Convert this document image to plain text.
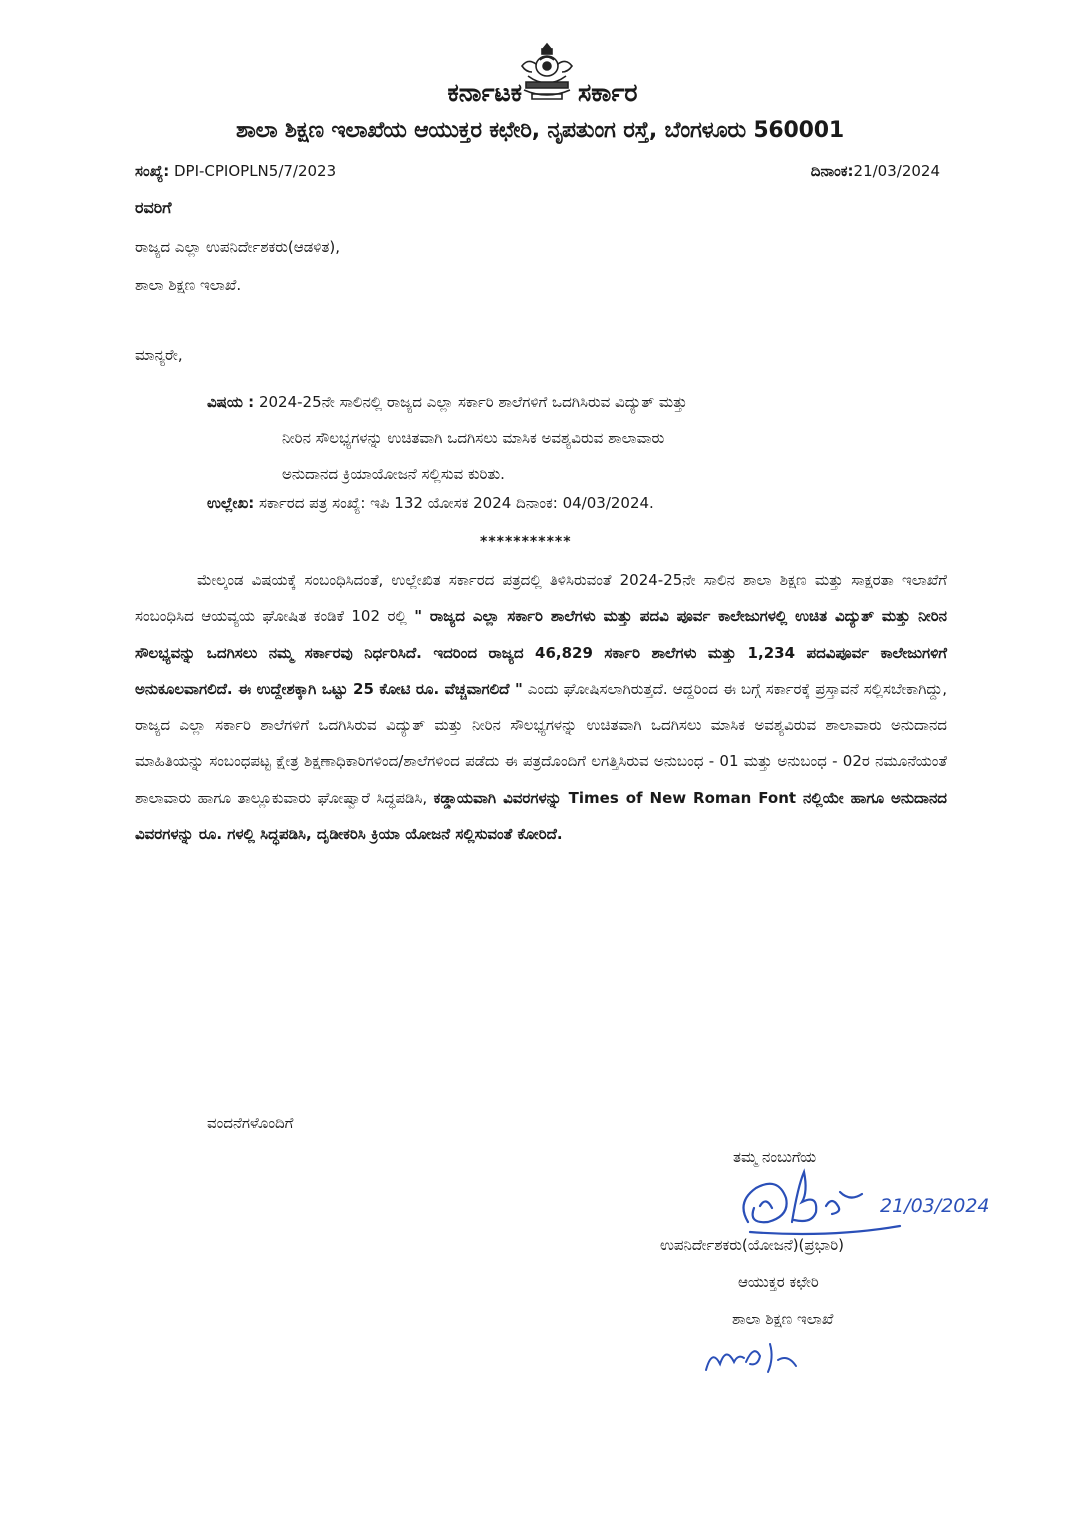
ಕರ್ನಾಟಕ ಸರ್ಕಾರ
ಶಾಲಾ ಶಿಕ್ಷಣ ಇಲಾಖೆಯ ಆಯುಕ್ತರ ಕಛೇರಿ, ನೃಪತುಂಗ ರಸ್ತೆ, ಬೆಂಗಳೂರು 560001
ಸಂಖ್ಯೆ: DPI-CPIOPLN5/7/2023	ದಿನಾಂಕ:21/03/2024
ರವರಿಗೆ
ರಾಜ್ಯದ ಎಲ್ಲಾ ಉಪನಿರ್ದೇಶಕರು(ಆಡಳಿತ),
ಶಾಲಾ ಶಿಕ್ಷಣ ಇಲಾಖೆ.
ಮಾನ್ಯರೇ,
ವಿಷಯ : 2024-25ನೇ ಸಾಲಿನಲ್ಲಿ ರಾಜ್ಯದ ಎಲ್ಲಾ ಸರ್ಕಾರಿ ಶಾಲೆಗಳಿಗೆ ಒದಗಿಸಿರುವ ವಿದ್ಯುತ್ ಮತ್ತು
ನೀರಿನ ಸೌಲಭ್ಯಗಳನ್ನು ಉಚಿತವಾಗಿ ಒದಗಿಸಲು ಮಾಸಿಕ ಅವಶ್ಯವಿರುವ ಶಾಲಾವಾರು
ಅನುದಾನದ ಕ್ರಿಯಾಯೋಜನೆ ಸಲ್ಲಿಸುವ ಕುರಿತು.
ಉಲ್ಲೇಖ: ಸರ್ಕಾರದ ಪತ್ರ ಸಂಖ್ಯೆ: ಇಪಿ 132 ಯೋಸಕ 2024 ದಿನಾಂಕ: 04/03/2024.
***********
ಮೇಲ್ಕಂಡ ವಿಷಯಕ್ಕೆ ಸಂಬಂಧಿಸಿದಂತೆ, ಉಲ್ಲೇಖಿತ ಸರ್ಕಾರದ ಪತ್ರದಲ್ಲಿ ತಿಳಿಸಿರುವಂತೆ 2024-25ನೇ ಸಾಲಿನ ಶಾಲಾ ಶಿಕ್ಷಣ ಮತ್ತು ಸಾಕ್ಷರತಾ ಇಲಾಖೆಗೆ ಸಂಬಂಧಿಸಿದ ಆಯವ್ಯಯ ಘೋಷಿತ ಕಂಡಿಕೆ 102 ರಲ್ಲಿ " ರಾಜ್ಯದ ಎಲ್ಲಾ ಸರ್ಕಾರಿ ಶಾಲೆಗಳು ಮತ್ತು ಪದವಿ ಪೂರ್ವ ಕಾಲೇಜುಗಳಲ್ಲಿ ಉಚಿತ ವಿದ್ಯುತ್ ಮತ್ತು ನೀರಿನ ಸೌಲಭ್ಯವನ್ನು ಒದಗಿಸಲು ನಮ್ಮ ಸರ್ಕಾರವು ನಿರ್ಧರಿಸಿದೆ. ಇದರಿಂದ ರಾಜ್ಯದ 46,829 ಸರ್ಕಾರಿ ಶಾಲೆಗಳು ಮತ್ತು 1,234 ಪದವಿಪೂರ್ವ ಕಾಲೇಜುಗಳಿಗೆ ಅನುಕೂಲವಾಗಲಿದೆ. ಈ ಉದ್ದೇಶಕ್ಕಾಗಿ ಒಟ್ಟು 25 ಕೋಟಿ ರೂ. ವೆಚ್ಚವಾಗಲಿದೆ " ಎಂದು ಘೋಷಿಸಲಾಗಿರುತ್ತದೆ. ಆದ್ದರಿಂದ ಈ ಬಗ್ಗೆ ಸರ್ಕಾರಕ್ಕೆ ಪ್ರಸ್ತಾವನೆ ಸಲ್ಲಿಸಬೇಕಾಗಿದ್ದು, ರಾಜ್ಯದ ಎಲ್ಲಾ ಸರ್ಕಾರಿ ಶಾಲೆಗಳಿಗೆ ಒದಗಿಸಿರುವ ವಿದ್ಯುತ್ ಮತ್ತು ನೀರಿನ ಸೌಲಭ್ಯಗಳನ್ನು ಉಚಿತವಾಗಿ ಒದಗಿಸಲು ಮಾಸಿಕ ಅವಶ್ಯವಿರುವ ಶಾಲಾವಾರು ಅನುದಾನದ ಮಾಹಿತಿಯನ್ನು ಸಂಬಂಧಪಟ್ಟ ಕ್ಷೇತ್ರ ಶಿಕ್ಷಣಾಧಿಕಾರಿಗಳಿಂದ/ಶಾಲೆಗಳಿಂದ ಪಡೆದು ಈ ಪತ್ರದೊಂದಿಗೆ ಲಗತ್ತಿಸಿರುವ ಅನುಬಂಧ - 01 ಮತ್ತು ಅನುಬಂಧ - 02ರ ನಮೂನೆಯಂತೆ ಶಾಲಾವಾರು ಹಾಗೂ ತಾಲ್ಲೂಕುವಾರು ಘೋಷ್ವಾರೆ ಸಿದ್ಧಪಡಿಸಿ, ಕಡ್ಡಾಯವಾಗಿ ವಿವರಗಳನ್ನು Times of New Roman Font ನಲ್ಲಿಯೇ ಹಾಗೂ ಅನುದಾನದ ವಿವರಗಳನ್ನು ರೂ. ಗಳಲ್ಲಿ ಸಿದ್ಧಪಡಿಸಿ, ದೃಡೀಕರಿಸಿ ಕ್ರಿಯಾ ಯೋಜನೆ ಸಲ್ಲಿಸುವಂತೆ ಕೋರಿದೆ.
ವಂದನೆಗಳೊಂದಿಗೆ
ತಮ್ಮ ನಂಬುಗೆಯ
21/03/2024
ಉಪನಿರ್ದೇಶಕರು(ಯೋಜನೆ)(ಪ್ರಭಾರಿ)
ಆಯುಕ್ತರ ಕಛೇರಿ
ಶಾಲಾ ಶಿಕ್ಷಣ ಇಲಾಖೆ
